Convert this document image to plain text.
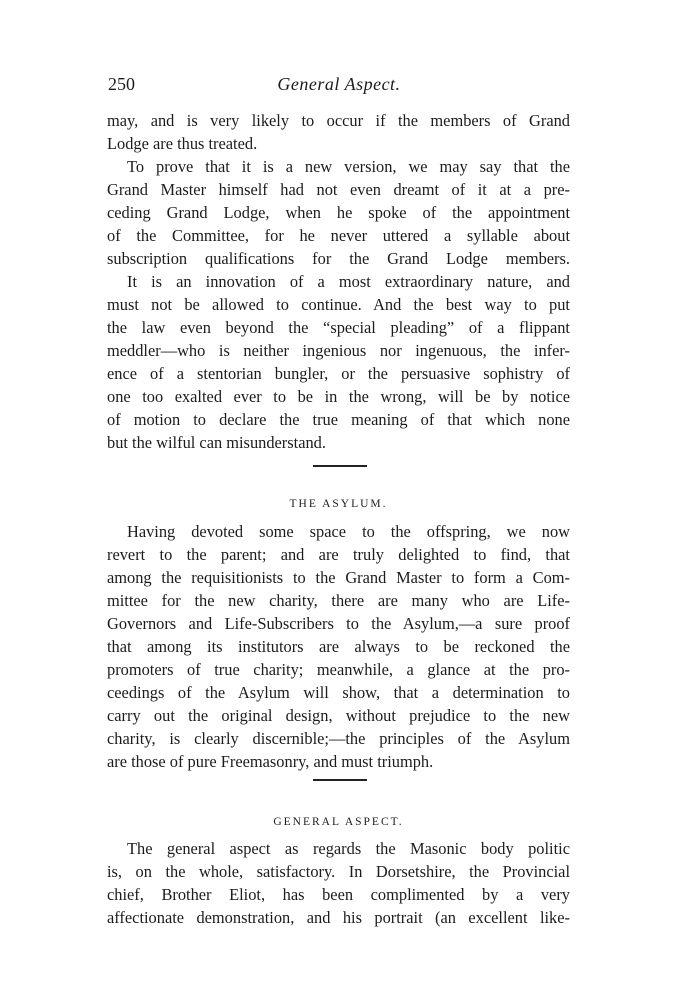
250	General Aspect.
may, and is very likely to occur if the members of Grand
Lodge are thus treated.
To prove that it is a new version, we may say that the
Grand Master himself had not even dreamt of it at a pre-
ceding Grand Lodge, when he spoke of the appointment
of the Committee, for he never uttered a syllable about
subscription qualifications for the Grand Lodge members.
It is an innovation of a most extraordinary nature, and
must not be allowed to continue. And the best way to put
the law even beyond the “special pleading” of a flippant
meddler—who is neither ingenious nor ingenuous, the infer-
ence of a stentorian bungler, or the persuasive sophistry of
one too exalted ever to be in the wrong, will be by notice
of motion to declare the true meaning of that which none
but the wilful can misunderstand.
THE ASYLUM.
Having devoted some space to the offspring, we now
revert to the parent; and are truly delighted to find, that
among the requisitionists to the Grand Master to form a Com-
mittee for the new charity, there are many who are Life-
Governors and Life-Subscribers to the Asylum,—a sure proof
that among its institutors are always to be reckoned the
promoters of true charity; meanwhile, a glance at the pro-
ceedings of the Asylum will show, that a determination to
carry out the original design, without prejudice to the new
charity, is clearly discernible;—the principles of the Asylum
are those of pure Freemasonry, and must triumph.
GENERAL ASPECT.
The general aspect as regards the Masonic body politic
is, on the whole, satisfactory. In Dorsetshire, the Provincial
chief, Brother Eliot, has been complimented by a very
affectionate demonstration, and his portrait (an excellent like-
